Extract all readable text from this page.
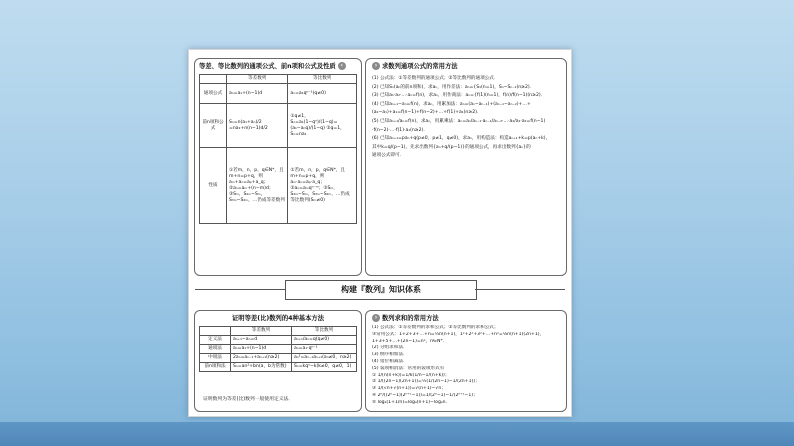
等差、等比数列的通项公式、前n项和公式及性质 ‹
	等差数列	等比数列
通项公式	aₙ=a₁+(n−1)d	aₙ=a₁qⁿ⁻¹(q≠0)
前n项和公式	Sₙ=n(a₁+aₙ)/2 =na₁+n(n−1)d/2	①q≠1，Sₙ=a₁(1−qⁿ)/(1−q)=(a₁−aₙq)/(1−q) ②q=1，Sₙ=na₁
性质	①若m，n，p，q∈N*，且m+n=p+q，则aₘ+aₙ=aₚ+a_q；②aₙ=aₘ+(n−m)d；③Sₘ，S₂ₘ−Sₘ，S₃ₘ−S₂ₘ，…仍成等差数列	①若m，n，p，q∈N*，且m+n=p+q，则aₘ·aₙ=aₚ·a_q；②aₙ=aₘqⁿ⁻ᵐ；③Sₘ，S₂ₘ−Sₘ，S₃ₘ−S₂ₘ，…仍成等比数列(Sₘ≠0)
› 求数列通项公式的常用方法
(1) 公式法：①等差数列的通项公式；②等比数列的通项公式．
(2) 已知Sₙ(aₙ的前n项和)，求aₙ，用作差法：aₙ={S₁(n=1)，Sₙ−Sₙ₋₁(n≥2)．
(3) 已知a₁·a₂·…·aₙ=f(n)，求aₙ，用作商法：aₙ={f(1)(n=1)，f(n)/f(n−1)(n≥2)．
(4) 已知aₙ₊₁−aₙ=f(n)，求aₙ，用累加法：aₙ=(aₙ−aₙ₋₁)+(aₙ₋₁−aₙ₋₂)+…+
(a₂−a₁)+a₁=f(n−1)+f(n−2)+…+f(1)+a₁(n≥2)．
(5) 已知aₙ₊₁/aₙ=f(n)，求aₙ，用累乘法：aₙ=aₙ/aₙ₋₁·aₙ₋₁/aₙ₋₂·…·a₂/a₁·a₁=f(n−1)
·f(n−2)·…·f(1)·a₁(n≥2)．
(6) 已知aₙ₊₁=paₙ+q(p≠0，p≠1，q≠0)，求aₙ，用构造法：构造aₙ₊₁+k=p(aₙ+k)，
其中k=q/(p−1)，先求出数列{aₙ+q/(p−1)}的通项公式，再求出数列{aₙ}的
通项公式即可．
构建『数列』知识体系
证明等差(比)数列的4种基本方法
	等差数列	等比数列
定义法	aₙ₊₁−aₙ=d	aₙ₊₁/aₙ=q(q≠0)
通项法	aₙ=a₁+(n−1)d	aₙ=a₁·qⁿ⁻¹
中项法	2aₙ=aₙ₋₁+aₙ₊₁(n≥2)	aₙ²=aₙ₋₁aₙ₊₁(aₙ≠0，n≥2)
前n项和法	Sₙ=an²+bn(a，b为常数)	Sₙ=kqⁿ−k(k≠0，q≠0，1)
证明数列为等差(比)数列一般使用定义法．
› 数列求和的常用方法
(1) 公式法：①等差数列的求和公式；②等比数列的求和公式；
③常用公式：1+2+3+…+n=½n(n+1)，1²+2²+3²+…+n²=⅙n(n+1)(2n+1)，
1+3+5+…+(2n−1)=n²，n∈N*．
(2) 分组求和法．
(3) 倒序相加法．
(4) 错位相减法．
(5) 裂项相消法：常用的裂项形式有
① 1/(n(n+k))=1/k(1/n−1/(n+k))；
② 1/((2n−1)(2n+1))=½(1/(2n−1)−1/(2n+1))；
③ 1/(√n+√(n+1))=√(n+1)−√n；
④ 2ⁿ/((2ⁿ−1)(2ⁿ⁺¹−1))=1/(2ⁿ−1)−1/(2ⁿ⁺¹−1)；
⑤ logₐ(1+1/n)=logₐ(n+1)−logₐn．
